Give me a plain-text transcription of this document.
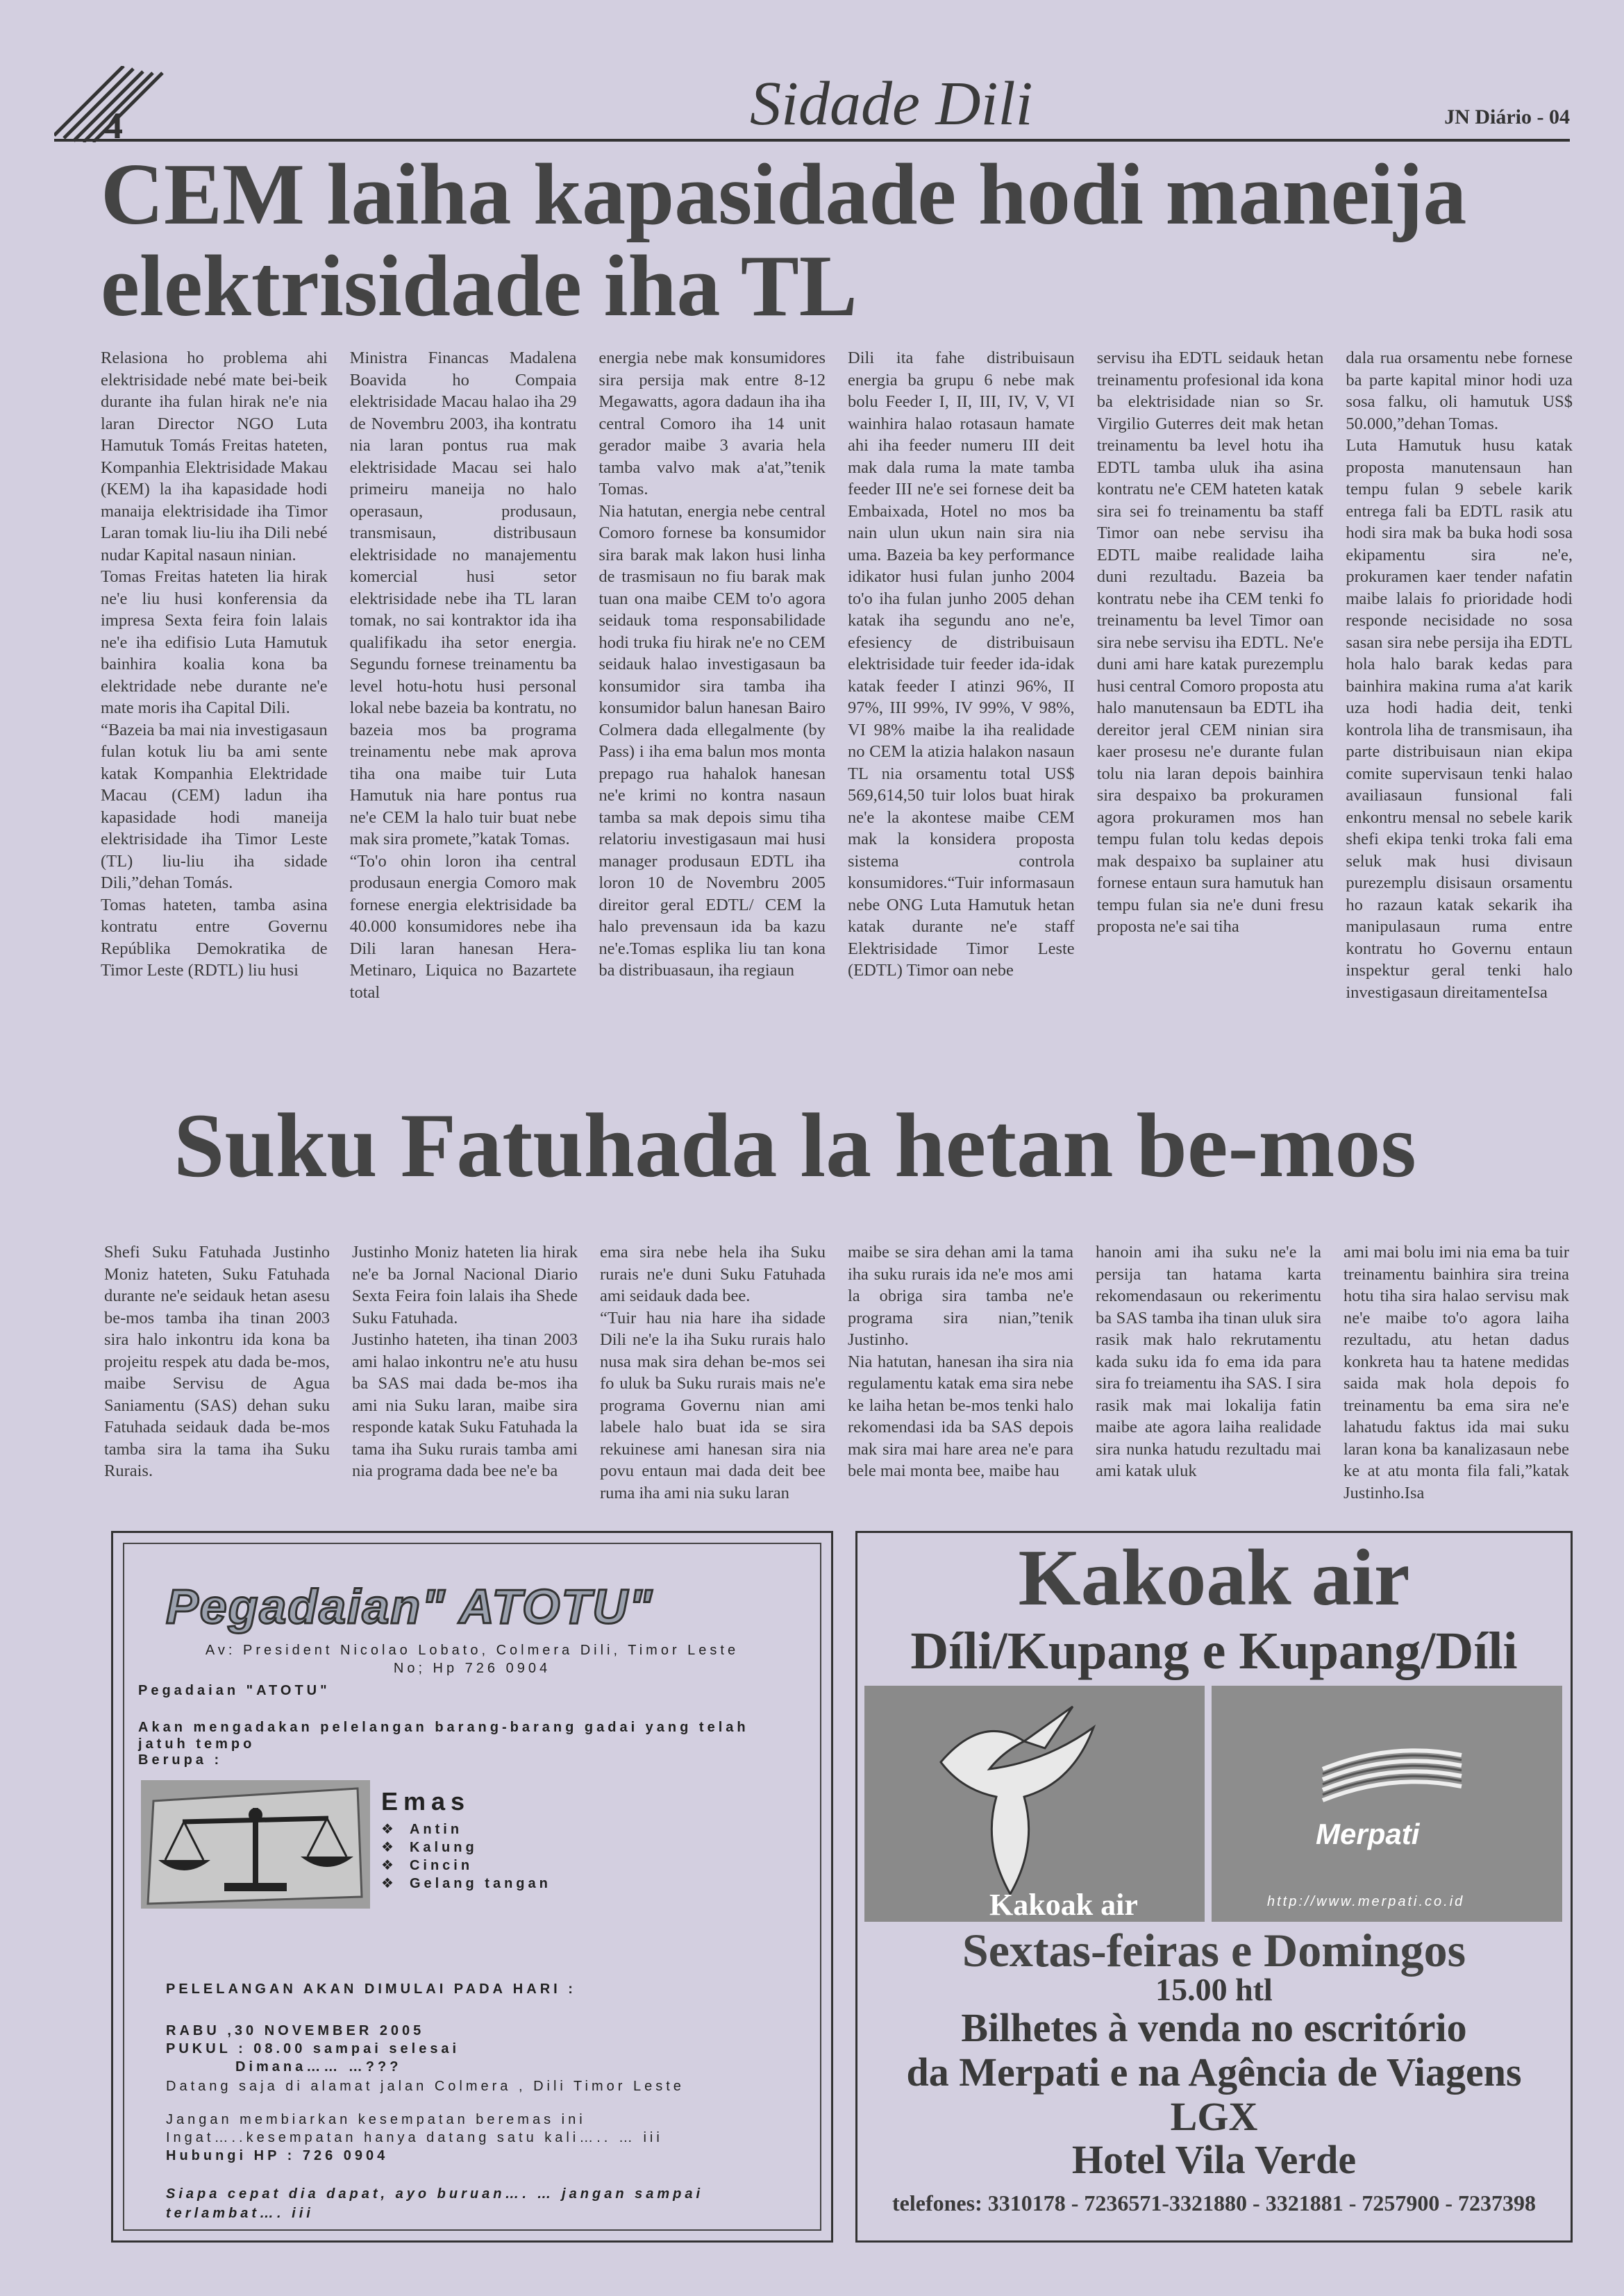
4	Sidade Dili	JN Diário - 04
CEM laiha kapasidade hodi maneija elektrisidade iha TL

Relasiona ho problema ahi elektrisidade nebé mate bei-beik durante iha fulan hirak ne'e nia laran Director NGO Luta Hamutuk Tomás Freitas hateten, Kompanhia Elektrisidade Makau (KEM) la iha kapasidade hodi manaija elektrisidade iha Timor Laran tomak liu-liu iha Dili nebé nudar Kapital nasaun ninian.

Tomas Freitas hateten lia hirak ne'e liu husi konferensia da impresa Sexta feira foin lalais ne'e iha edifisio Luta Hamutuk bainhira koalia kona ba elektridade nebe durante ne'e mate moris iha Capital Dili.

“Bazeia ba mai nia investigasaun fulan kotuk liu ba ami sente katak Kompanhia Elektridade Macau (CEM) ladun iha kapasidade hodi maneija elektrisidade iha Timor Leste (TL) liu-liu iha sidade Dili,”dehan Tomás.

Tomas hateten, tamba asina kontratu entre Governu Repúblika Demokratika de Timor Leste (RDTL) liu husi

Ministra Financas Madalena Boavida ho Compaia elektrisidade Macau halao iha 29 de Novembru 2003, iha kontratu nia laran pontus rua mak elektrisidade Macau sei halo primeiru maneija no halo operasaun, produsaun, transmisaun, distribusaun elektrisidade no manajementu komercial husi setor elektrisidade nebe iha TL laran tomak, no sai kontraktor ida iha qualifikadu iha setor energia. Segundu fornese treinamentu ba level hotu-hotu husi personal lokal nebe bazeia ba kontratu, no bazeia mos ba programa treinamentu nebe mak aprova tiha ona maibe tuir Luta Hamutuk nia hare pontus rua ne'e CEM la halo tuir buat nebe mak sira promete,”katak Tomas.

“To'o ohin loron iha central produsaun energia Comoro mak fornese energia elektrisidade ba 40.000 konsumidores nebe iha Dili laran hanesan Hera-Metinaro, Liquica no Bazartete total

energia nebe mak konsumidores sira persija mak entre 8-12 Megawatts, agora dadaun iha iha central Comoro iha 14 unit gerador maibe 3 avaria hela tamba valvo mak a'at,”tenik Tomas.

Nia hatutan, energia nebe central Comoro fornese ba konsumidor sira barak mak lakon husi linha de trasmisaun no fiu barak mak tuan ona maibe CEM to'o agora seidauk toma responsabilidade hodi truka fiu hirak ne'e no CEM seidauk halao investigasaun ba konsumidor sira tamba iha konsumidor balun hanesan Bairo Colmera dada ellegalmente (by Pass) i iha ema balun mos monta prepago rua hahalok hanesan ne'e krimi no kontra nasaun tamba sa mak depois simu tiha relatoriu investigasaun mai husi manager produsaun EDTL iha loron 10 de Novembru 2005 direitor geral EDTL/ CEM la halo prevensaun ida ba kazu ne'e.Tomas esplika liu tan kona ba distribuasaun, iha regiaun

Dili ita fahe distribuisaun energia ba grupu 6 nebe mak bolu Feeder I, II, III, IV, V, VI wainhira halao rotasaun hamate ahi iha feeder numeru III deit mak dala ruma la mate tamba feeder III ne'e sei fornese deit ba Embaixada, Hotel no mos ba nain ulun ukun nain sira nia uma. Bazeia ba key performance idikator husi fulan junho 2004 to'o iha fulan junho 2005 dehan katak iha segundu ano ne'e, efesiency de distribuisaun elektrisidade tuir feeder ida-idak katak feeder I atinzi 96%, II 97%, III 99%, IV 99%, V 98%, VI 98% maibe la iha realidade no CEM la atizia halakon nasaun TL nia orsamentu total US$ 569,614,50 tuir lolos buat hirak ne'e la akontese maibe CEM mak la konsidera proposta sistema controla konsumidores.“Tuir informasaun nebe ONG Luta Hamutuk hetan katak durante ne'e staff Elektrisidade Timor Leste (EDTL) Timor oan nebe

servisu iha EDTL seidauk hetan treinamentu profesional ida kona ba elektrisidade nian so Sr. Virgilio Guterres deit mak hetan treinamentu ba level hotu iha EDTL tamba uluk iha asina kontratu ne'e CEM hateten katak sira sei fo treinamentu ba staff Timor oan nebe servisu iha EDTL maibe realidade laiha duni rezultadu. Bazeia ba kontratu nebe iha CEM tenki fo treinamentu ba level Timor oan sira nebe servisu iha EDTL. Ne'e duni ami hare katak purezemplu husi central Comoro proposta atu halo manutensaun ba EDTL iha dereitor jeral CEM ninian sira kaer prosesu ne'e durante fulan tolu nia laran depois bainhira sira despaixo ba prokuramen agora prokuramen mos han tempu fulan tolu kedas depois mak despaixo ba suplainer atu fornese entaun sura hamutuk han tempu fulan sia ne'e duni fresu proposta ne'e sai tiha

dala rua orsamentu nebe fornese ba parte kapital minor hodi uza sosa falku, oli hamutuk US$ 50.000,”dehan Tomas.

Luta Hamutuk husu katak proposta manutensaun han tempu fulan 9 sebele karik entrega fali ba EDTL rasik atu hodi sira mak ba buka hodi sosa ekipamentu sira ne'e, prokuramen kaer tender nafatin maibe lalais fo prioridade hodi responde necisidade no sosa sasan sira nebe persija iha EDTL hola halo barak kedas para bainhira makina ruma a'at karik uza hodi hadia deit, tenki kontrola liha de transmisaun, iha parte distribuisaun nian ekipa comite supervisaun tenki halao availiasaun funsional fali enkontru mensal no sebele karik shefi ekipa tenki troka fali ema seluk mak husi divisaun purezemplu disisaun orsamentu ho razaun katak sekarik iha manipulasaun ruma entre kontratu ho Governu entaun inspektur geral tenki halo investigasaun direitamenteIsa

Suku Fatuhada la hetan be-mos

Shefi Suku Fatuhada Justinho Moniz hateten, Suku Fatuhada durante ne'e seidauk hetan asesu be-mos tamba iha tinan 2003 sira halo inkontru ida kona ba projeitu respek atu dada be-mos, maibe Servisu de Agua Saniamentu (SAS) dehan suku Fatuhada seidauk dada be-mos tamba sira la tama iha Suku Rurais.

Justinho Moniz hateten lia hirak ne'e ba Jornal Nacional Diario Sexta Feira foin lalais iha Shede Suku Fatuhada.

Justinho hateten, iha tinan 2003 ami halao inkontru ne'e atu husu ba SAS mai dada be-mos iha ami nia Suku laran, maibe sira responde katak Suku Fatuhada la tama iha Suku rurais tamba ami nia programa dada bee ne'e ba

ema sira nebe hela iha Suku rurais ne'e duni Suku Fatuhada ami seidauk dada bee.

“Tuir hau nia hare iha sidade Dili ne'e la iha Suku rurais halo nusa mak sira dehan be-mos sei fo uluk ba Suku rurais mais ne'e programa Governu nian ami labele halo buat ida se sira rekuinese ami hanesan sira nia povu entaun mai dada deit bee ruma iha ami nia suku laran

maibe se sira dehan ami la tama iha suku rurais ida ne'e mos ami la obriga sira tamba ne'e programa sira nian,”tenik Justinho.

Nia hatutan, hanesan iha sira nia regulamentu katak ema sira nebe ke laiha hetan be-mos tenki halo rekomendasi ida ba SAS depois mak sira mai hare area ne'e para bele mai monta bee, maibe hau

hanoin ami iha suku ne'e la persija tan hatama karta rekomendasaun ou rekerimentu ba SAS tamba iha tinan uluk sira rasik mak halo rekrutamentu kada suku ida fo ema ida para sira fo treiamentu iha SAS. I sira rasik mak mai lokalija fatin maibe ate agora laiha realidade sira nunka hatudu rezultadu mai ami katak uluk

ami mai bolu imi nia ema ba tuir treinamentu bainhira sira treina hotu tiha sira halao servisu mak ne'e maibe to'o agora laiha rezultadu, atu hetan dadus konkreta hau ta hatene medidas saida mak hola depois fo treinamentu ba ema sira ne'e lahatudu faktus ida mai suku laran kona ba kanalizasaun nebe ke at atu monta fila fali,”katak Justinho.Isa

Pegadaian" ATOTU"
Av: President Nicolao Lobato, Colmera Dili, Timor Leste
No; Hp 726 0904
Pegadaian "ATOTU"
Akan mengadakan pelelangan barang-barang gadai yang telah jatuh tempo
Berupa :
Emas
❖ Antin
❖ Kalung
❖ Cincin
❖ Gelang tangan
PELELANGAN AKAN DIMULAI PADA HARI :
RABU ,30 NOVEMBER 2005
PUKUL : 08.00 sampai selesai
Dimana…… …???
Datang saja di alamat jalan Colmera , Dili Timor Leste
Jangan membiarkan kesempatan beremas ini
Ingat…..kesempatan hanya datang satu kali….. … iii
Hubungi HP : 726 0904
Siapa cepat dia dapat, ayo buruan…. … jangan sampai terlambat…. iii

Kakoak air

Díli/Kupang e Kupang/Díli

Kakoak air
Merpati
http://www.merpati.co.id

Sextas-feiras e Domingos

15.00 htl

Bilhetes à venda no escritório

da Merpati e na Agência de Viagens

LGX

Hotel Vila Verde

telefones: 3310178 - 7236571-3321880 - 3321881 - 7257900 - 7237398
